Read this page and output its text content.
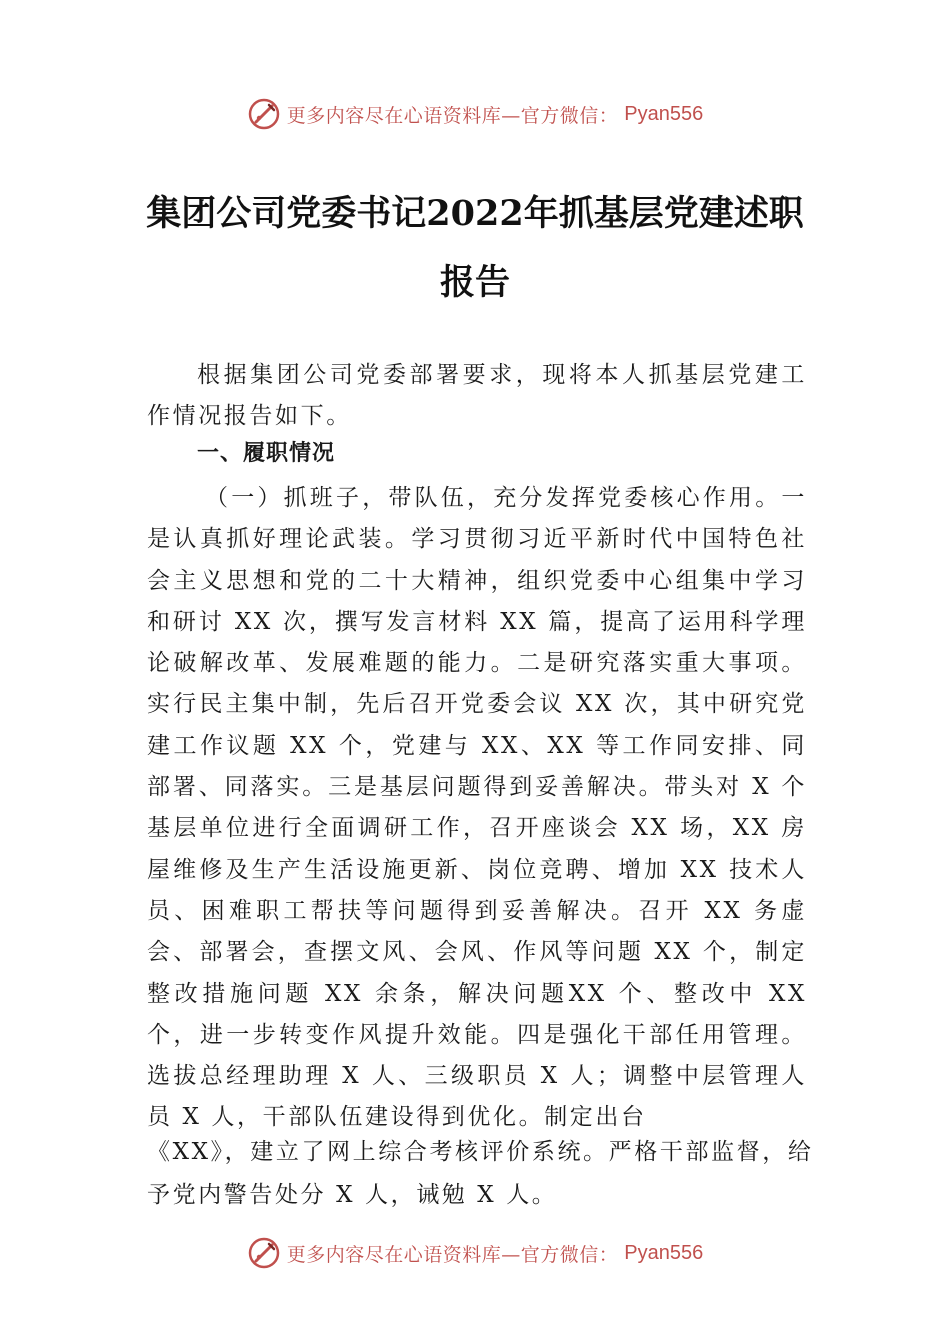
更多内容尽在心语资料库—官方微信： Pyan556
集团公司党委书记2022年抓基层党建述职
报告

根据集团公司党委部署要求，现将本人抓基层党建工作情况报告如下。

一、履职情况

（一）抓班子，带队伍，充分发挥党委核心作用。一是认真抓好理论武装。学习贯彻习近平新时代中国特色社会主义思想和党的二十大精神，组织党委中心组集中学习和研讨 XX 次，撰写发言材料 XX 篇，提高了运用科学理论破解改革、发展难题的能力。二是研究落实重大事项。实行民主集中制，先后召开党委会议 XX 次，其中研究党建工作议题 XX 个，党建与 XX、XX 等工作同安排、同部署、同落实。三是基层问题得到妥善解决。带头对 X 个基层单位进行全面调研工作，召开座谈会 XX 场，XX 房屋维修及生产生活设施更新、岗位竞聘、增加 XX 技术人员、困难职工帮扶等问题得到妥善解决。召开 XX 务虚会、部署会，查摆文风、会风、作风等问题 XX 个，制定整改措施问题 XX 余条，解决问题XX 个、整改中 XX 个，进一步转变作风提升效能。四是强化干部任用管理。选拔总经理助理 X 人、三级职员 X 人；调整中层管理人员 X 人，干部队伍建设得到优化。制定出台

《XX》，建立了网上综合考核评价系统。严格干部监督，给

予党内警告处分 X 人，诫勉 X 人。

更多内容尽在心语资料库—官方微信： Pyan556
